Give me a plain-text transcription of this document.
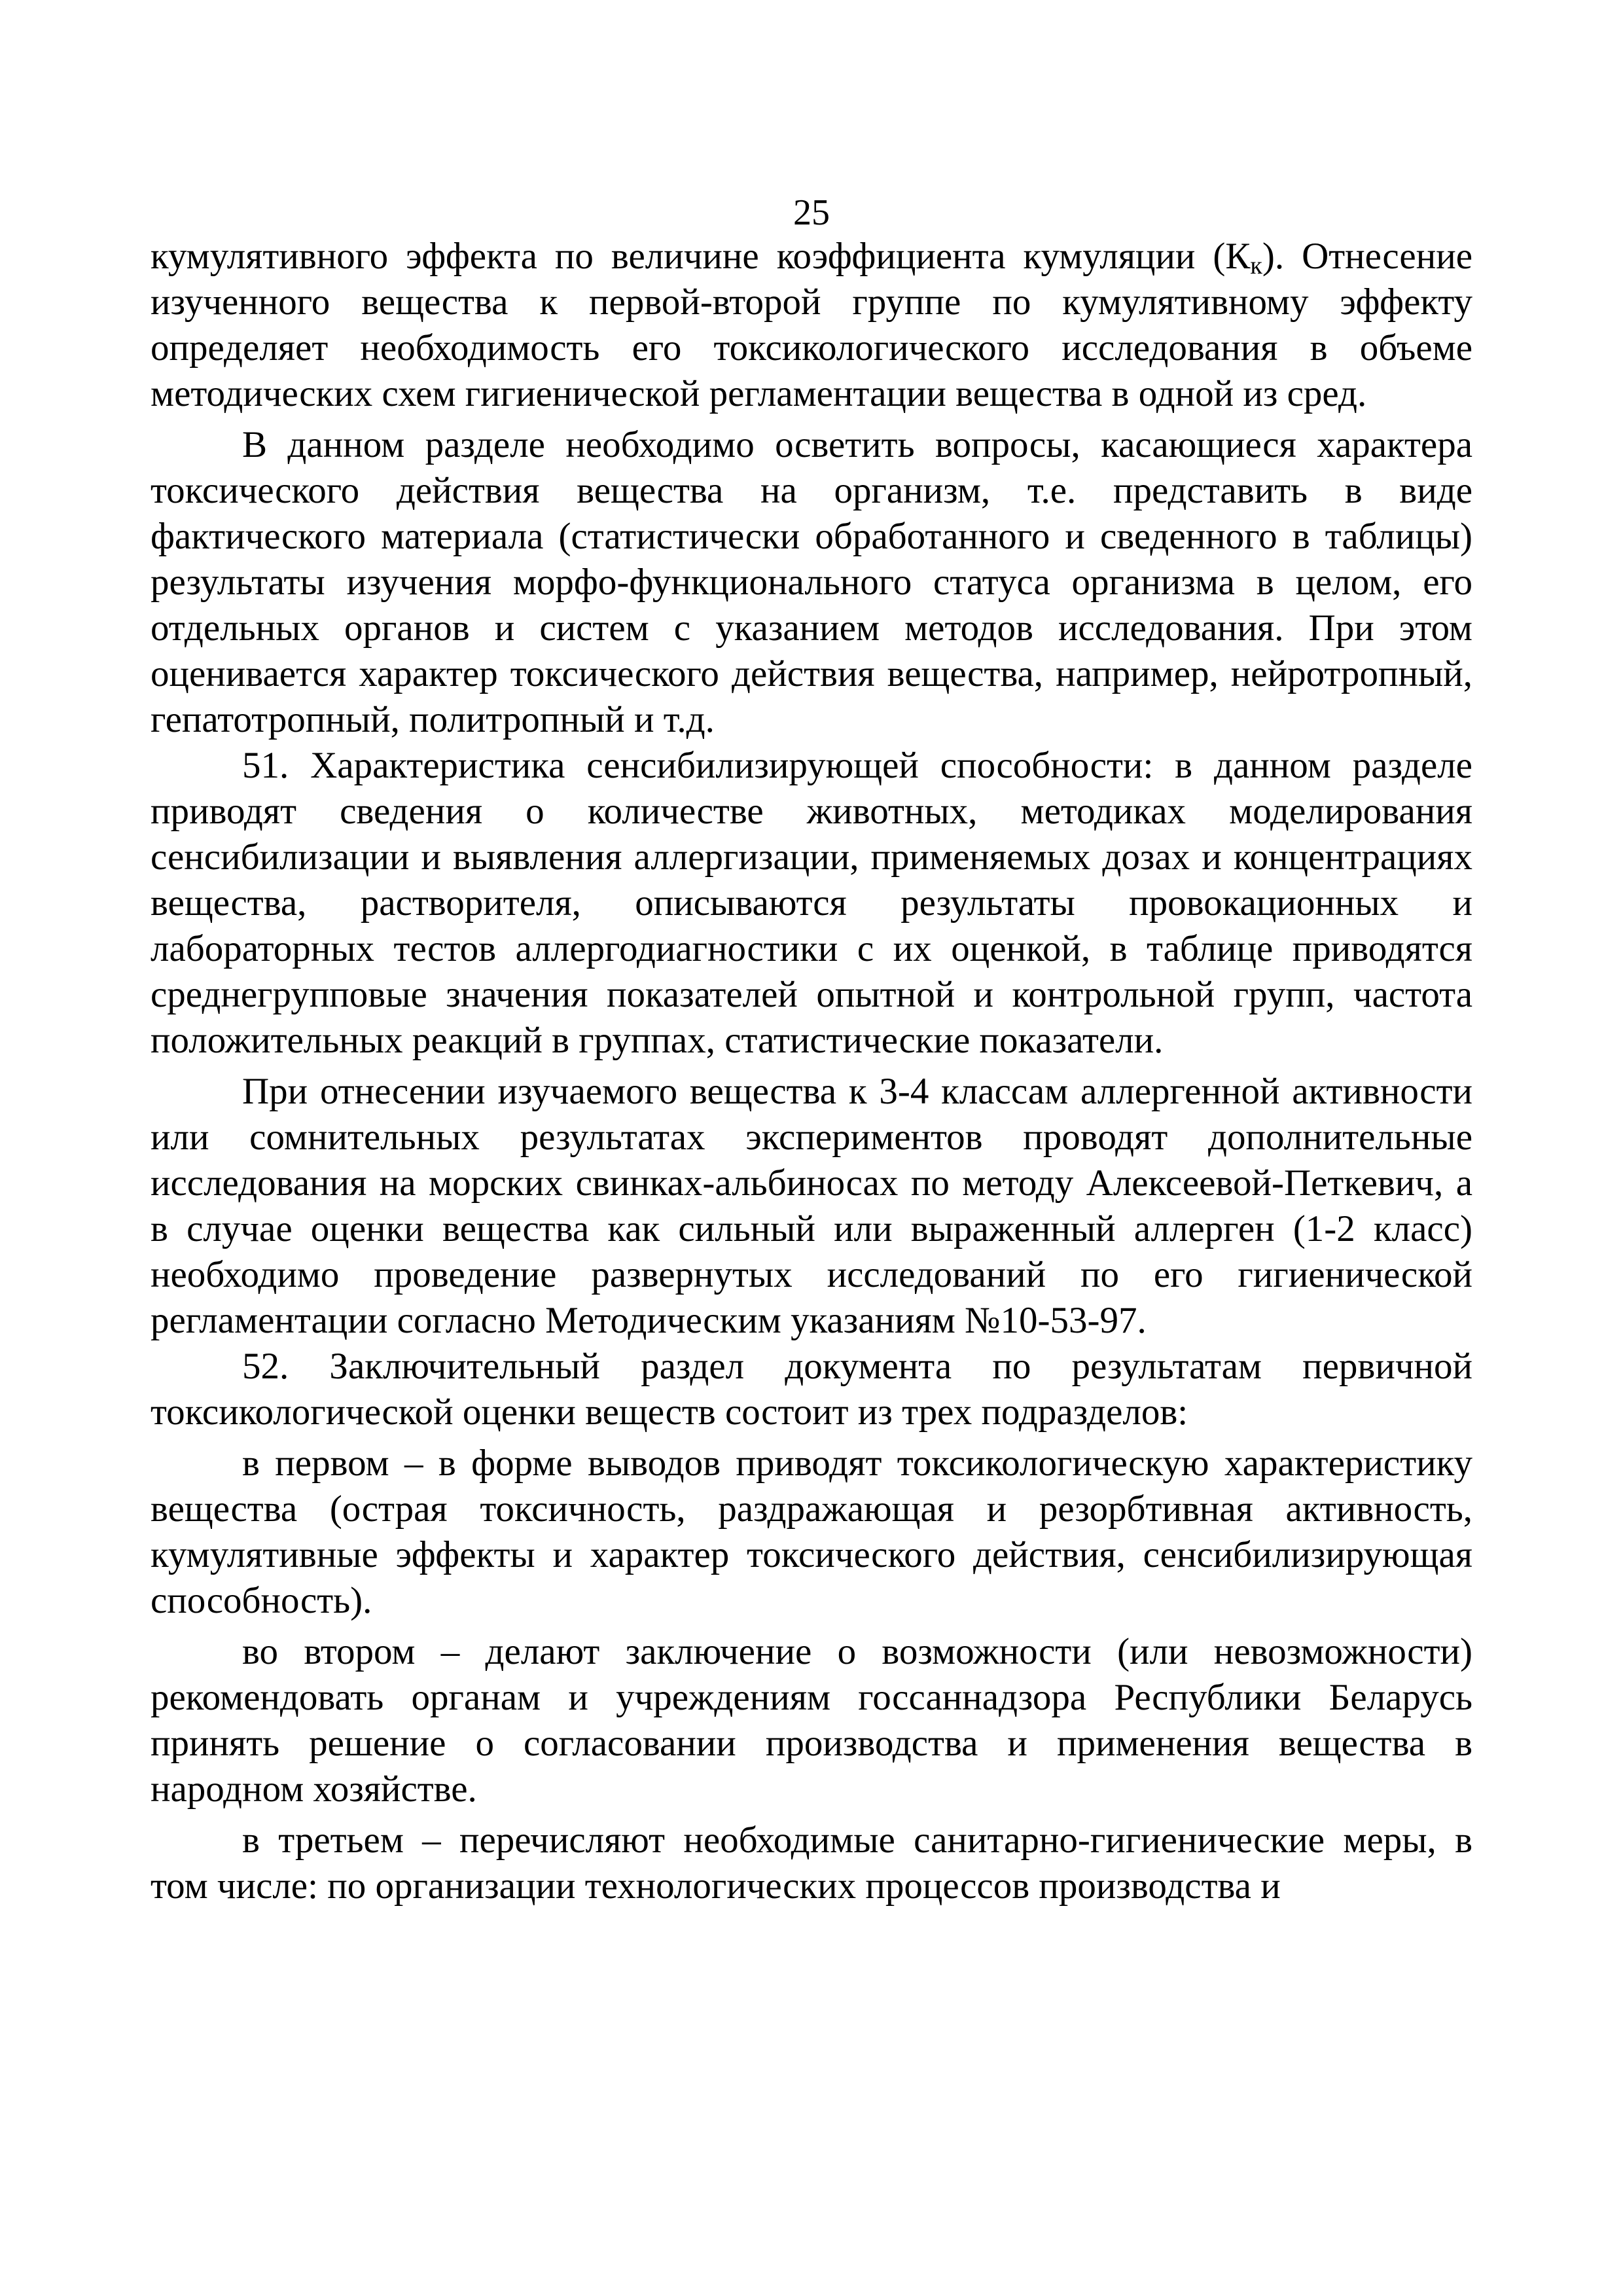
25

кумулятивного эффекта по величине коэффициента кумуляции $(К_к)$. Отнесение изученного вещества к первой-второй группе по кумулятивному эффекту определяет необходимость его токсикологического исследования в объеме методических схем гигиенической регламентации вещества в одной из сред.

В данном разделе необходимо осветить вопросы, касающиеся характера токсического действия вещества на организм, т.е. представить в виде фактического материала (статистически обработанного и сведенного в таблицы) результаты изучения морфо-функционального статуса организма в целом, его отдельных органов и систем с указанием методов исследования. При этом оценивается характер токсического действия вещества, например, нейротропный, гепатотропный, политропный и т.д.

51. Характеристика сенсибилизирующей способности: в данном разделе приводят сведения о количестве животных, методиках моделирования сенсибилизации и выявления аллергизации, применяемых дозах и концентрациях вещества, растворителя, описываются результаты провокационных и лабораторных тестов аллергодиагностики с их оценкой, в таблице приводятся среднегрупповые значения показателей опытной и контрольной групп, частота положительных реакций в группах, статистические показатели.

При отнесении изучаемого вещества к 3-4 классам аллергенной активности или сомнительных результатах экспериментов проводят дополнительные исследования на морских свинках-альбиносах по методу Алексеевой-Петкевич, а в случае оценки вещества как сильный или выраженный аллерген (1-2 класс) необходимо проведение развернутых исследований по его гигиенической регламентации согласно Методическим указаниям №10-53-97.

52. Заключительный раздел документа по результатам первичной токсикологической оценки веществ состоит из трех подразделов:

в первом – в форме выводов приводят токсикологическую характеристику вещества (острая токсичность, раздражающая и резорбтивная активность, кумулятивные эффекты и характер токсического действия, сенсибилизирующая способность).

во втором – делают заключение о возможности (или невозможности) рекомендовать органам и учреждениям госсаннадзора Республики Беларусь принять решение о согласовании производства и применения вещества в народном хозяйстве.

в третьем – перечисляют необходимые санитарно-гигиенические меры, в том числе: по организации технологических процессов производства и
